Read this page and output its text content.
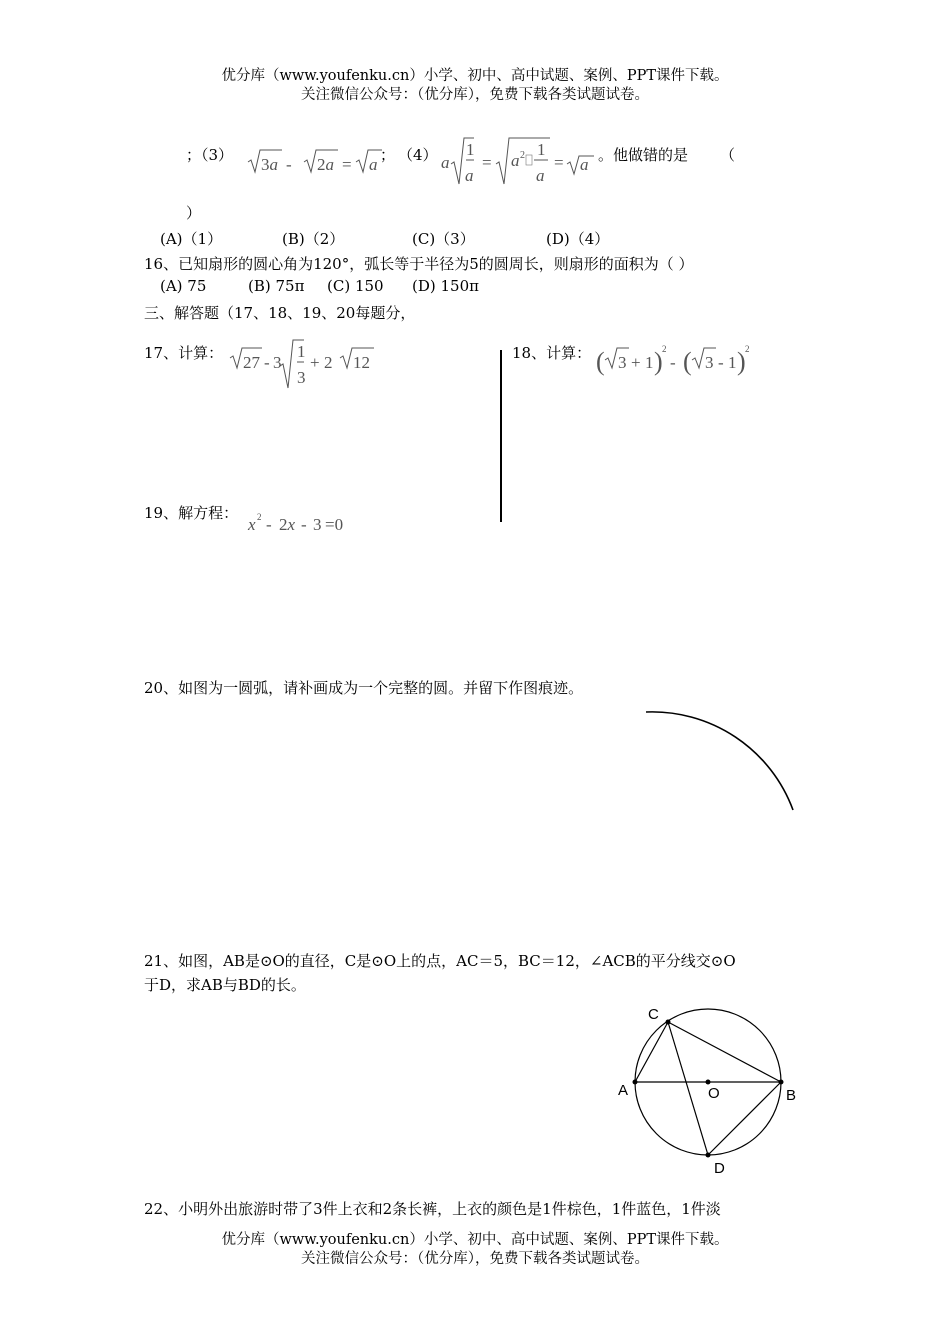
优分库（www.youfenku.cn）小学、初中、高中试题、案例、PPT课件下载。
关注微信公众号：（优分库），免费下载各类试题试卷。
；（3） 3a - 2a = a ； （4） a
1
a
= a 2 1
a
= a 。他做错的是 （
）
(A)（1）	(B)（2）	(C)（3）	(D)（4）
16、已知扇形的圆心角为120°，弧长等于半径为5的圆周长，则扇形的面积为（ ）
(A) 75	(B) 75π (C) 150 (D) 150π
三、解答题（17、18、19、20每题分，
17、计算： 27 - 3
1
3
+ 2 12	18、计算： ( 3 + 1 ) 2
- ( 3 - 1 ) 2
19、解方程：
x 2 - 2x - 3 =0
20、如图为一圆弧，请补画成为一个完整的圆。并留下作图痕迹。
21、如图，AB是⊙O的直径，C是⊙O上的点，AC＝5，BC＝12，∠ACB的平分线交⊙O
于D，求AB与BD的长。
C
A	O	B
D
22、小明外出旅游时带了3件上衣和2条长裤，上衣的颜色是1件棕色，1件蓝色，1件淡
优分库（www.youfenku.cn）小学、初中、高中试题、案例、PPT课件下载。
关注微信公众号：（优分库），免费下载各类试题试卷。
